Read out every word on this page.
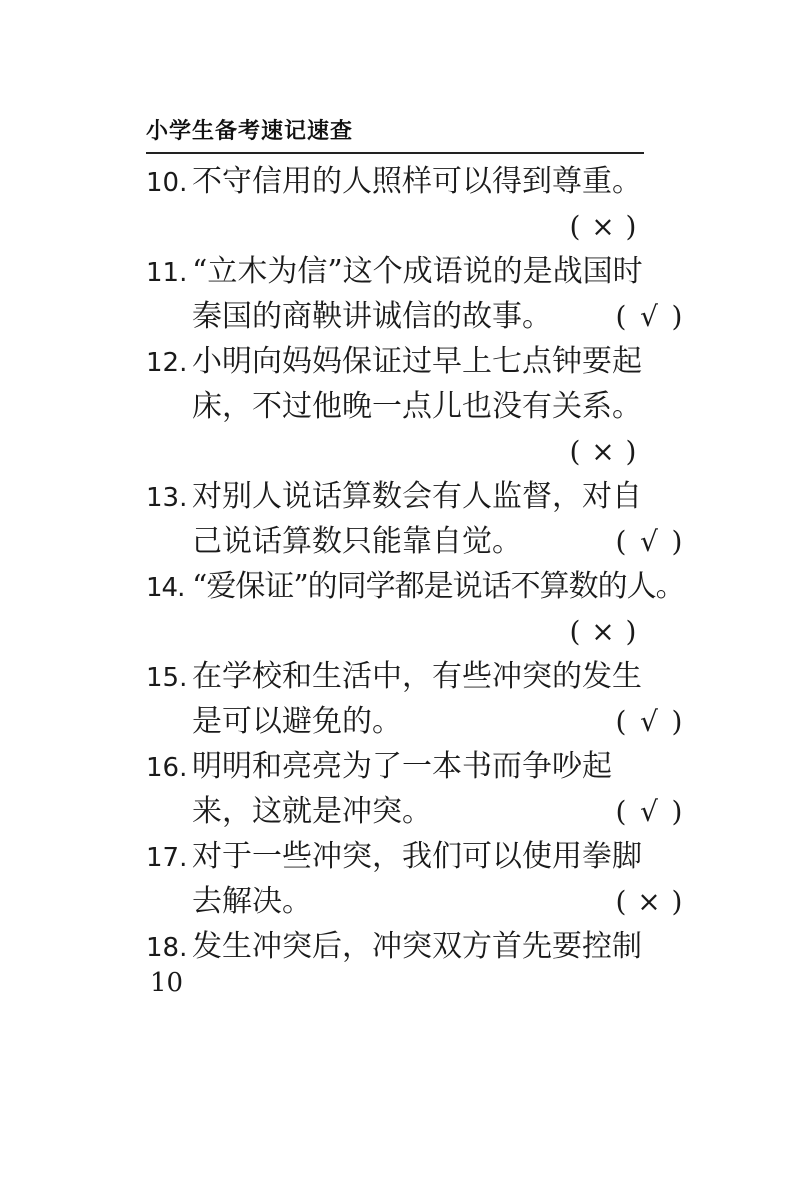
小学生备考速记速查
10. 不守信用的人照样可以得到尊重。
( × )
11. “立木为信”这个成语说的是战国时
秦国的商鞅讲诚信的故事。 ( √ )
12. 小明向妈妈保证过早上七点钟要起
床，不过他晚一点儿也没有关系。
( × )
13. 对别人说话算数会有人监督，对自
己说话算数只能靠自觉。	( √ )
14. “爱保证”的同学都是说话不算数的人。
( × )
15. 在学校和生活中，有些冲突的发生
是可以避免的。	( √ )
16. 明明和亮亮为了一本书而争吵起
来，这就是冲突。	( √ )
17. 对于一些冲突，我们可以使用拳脚
去解决。	( × )
18. 发生冲突后，冲突双方首先要控制
10
